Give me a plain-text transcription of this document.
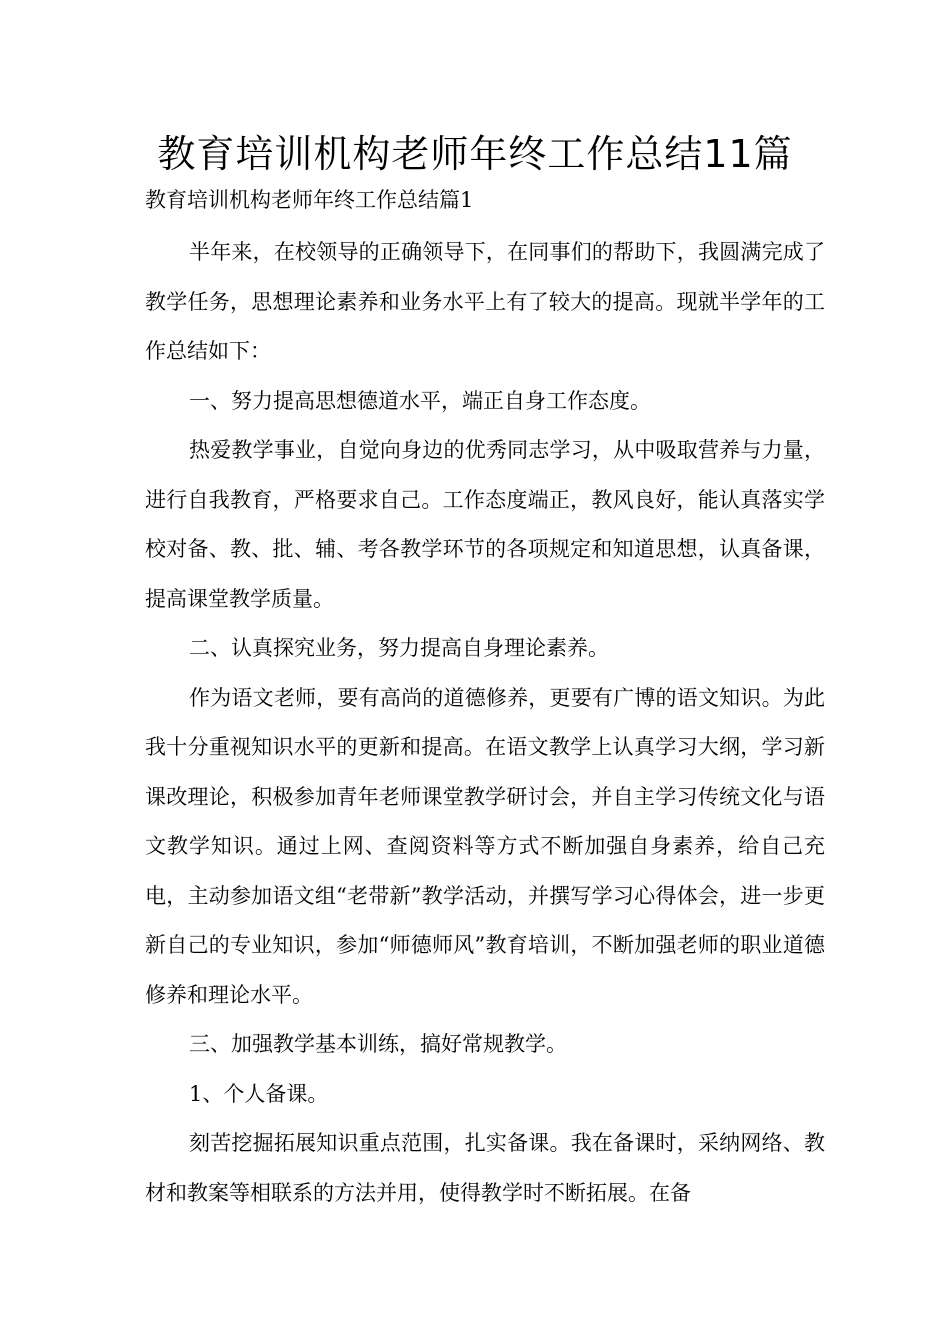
教育培训机构老师年终工作总结11篇

教育培训机构老师年终工作总结篇1

半年来，在校领导的正确领导下，在同事们的帮助下，我圆满完成了教学任务，思想理论素养和业务水平上有了较大的提高。现就半学年的工作总结如下：

一、努力提高思想德道水平，端正自身工作态度。

热爱教学事业，自觉向身边的优秀同志学习，从中吸取营养与力量，进行自我教育，严格要求自己。工作态度端正，教风良好，能认真落实学校对备、教、批、辅、考各教学环节的各项规定和知道思想，认真备课，提高课堂教学质量。

二、认真探究业务，努力提高自身理论素养。

作为语文老师，要有高尚的道德修养，更要有广博的语文知识。为此我十分重视知识水平的更新和提高。在语文教学上认真学习大纲，学习新课改理论，积极参加青年老师课堂教学研讨会，并自主学习传统文化与语文教学知识。通过上网、查阅资料等方式不断加强自身素养，给自己充电，主动参加语文组“老带新”教学活动，并撰写学习心得体会，进一步更新自己的专业知识，参加“师德师风”教育培训，不断加强老师的职业道德修养和理论水平。

三、加强教学基本训练，搞好常规教学。

1、个人备课。

刻苦挖掘拓展知识重点范围，扎实备课。我在备课时，采纳网络、教材和教案等相联系的方法并用，使得教学时不断拓展。在备
